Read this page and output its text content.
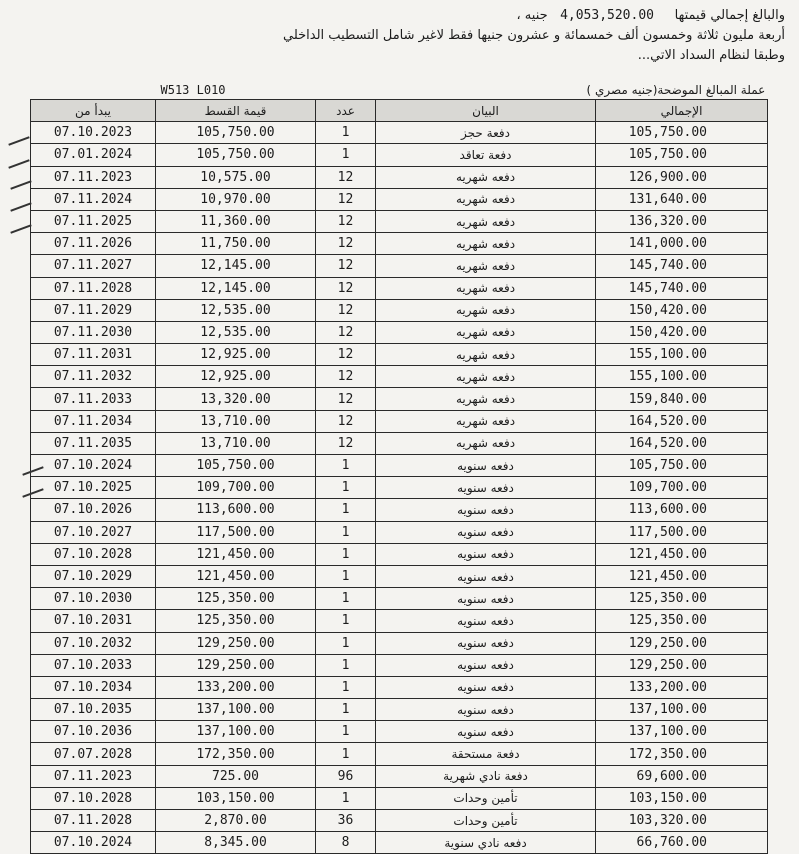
والبالغ إجمالي قيمتها     4,053,520.00   جنيه ،
أربعة مليون ثلاثة وخمسون ألف خمسمائة و عشرون جنيها فقط لاغير شامل التسطيب الداخلي
وطبقا لنظام السداد الاتي...
W513 L010 عملة المبالغ الموضحة(جنيه مصري )				

يبدأ من	قيمة القسط	عدد	البيان	الإجمالي
07.10.2023	105,750.00	1	دفعة حجز	105,750.00
07.01.2024	105,750.00	1	دفعة تعاقد	105,750.00
07.11.2023	10,575.00	12	دفعه شهريه	126,900.00
07.11.2024	10,970.00	12	دفعه شهريه	131,640.00
07.11.2025	11,360.00	12	دفعه شهريه	136,320.00
07.11.2026	11,750.00	12	دفعه شهريه	141,000.00
07.11.2027	12,145.00	12	دفعه شهريه	145,740.00
07.11.2028	12,145.00	12	دفعه شهريه	145,740.00
07.11.2029	12,535.00	12	دفعه شهريه	150,420.00
07.11.2030	12,535.00	12	دفعه شهريه	150,420.00
07.11.2031	12,925.00	12	دفعه شهريه	155,100.00
07.11.2032	12,925.00	12	دفعه شهريه	155,100.00
07.11.2033	13,320.00	12	دفعه شهريه	159,840.00
07.11.2034	13,710.00	12	دفعه شهريه	164,520.00
07.11.2035	13,710.00	12	دفعه شهريه	164,520.00
07.10.2024	105,750.00	1	دفعه سنويه	105,750.00
07.10.2025	109,700.00	1	دفعه سنويه	109,700.00
07.10.2026	113,600.00	1	دفعه سنويه	113,600.00
07.10.2027	117,500.00	1	دفعه سنويه	117,500.00
07.10.2028	121,450.00	1	دفعه سنويه	121,450.00
07.10.2029	121,450.00	1	دفعه سنويه	121,450.00
07.10.2030	125,350.00	1	دفعه سنويه	125,350.00
07.10.2031	125,350.00	1	دفعه سنويه	125,350.00
07.10.2032	129,250.00	1	دفعه سنويه	129,250.00
07.10.2033	129,250.00	1	دفعه سنويه	129,250.00
07.10.2034	133,200.00	1	دفعه سنويه	133,200.00
07.10.2035	137,100.00	1	دفعه سنويه	137,100.00
07.10.2036	137,100.00	1	دفعه سنويه	137,100.00
07.07.2028	172,350.00	1	دفعة مستحقة	172,350.00
07.11.2023	725.00	96	دفعة نادي شهرية	69,600.00
07.10.2028	103,150.00	1	تأمين وحدات	103,150.00
07.11.2028	2,870.00	36	تأمين وحدات	103,320.00
07.10.2024	8,345.00	8	دفعه نادي سنوية	66,760.00
